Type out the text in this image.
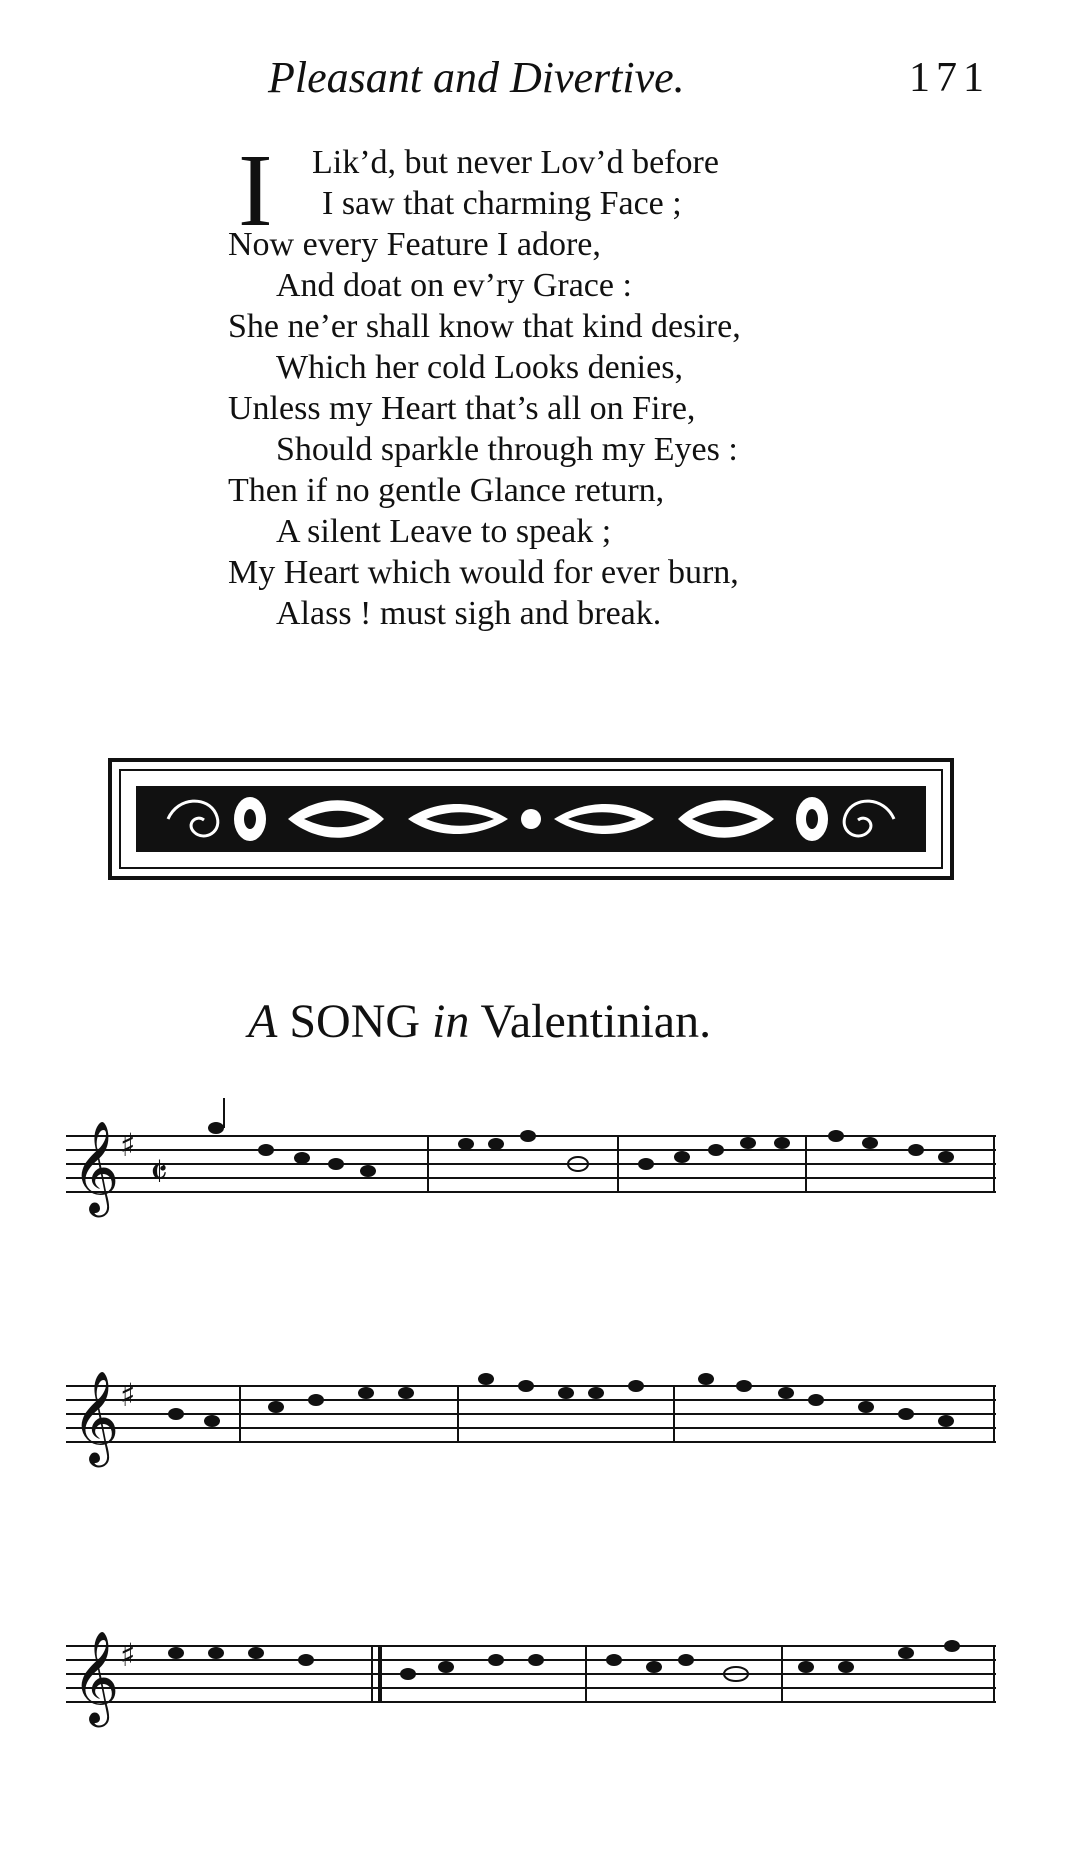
Pleasant and Divertive.	171
I	Lik’d, but never Lov’d before
I saw that charming Face ;
Now every Feature I adore,
And doat on ev’ry Grace :
She ne’er shall know that kind desire,
Which her cold Looks denies,
Unless my Heart that’s all on Fire,
Should sparkle through my Eyes :
Then if no gentle Glance return,
A silent Leave to speak ;
My Heart which would for ever burn,
Alass ! must sigh and break.
A SONG in Valentinian.
𝄞 ♯
𝄵
𝄞 ♯
𝄞 ♯
